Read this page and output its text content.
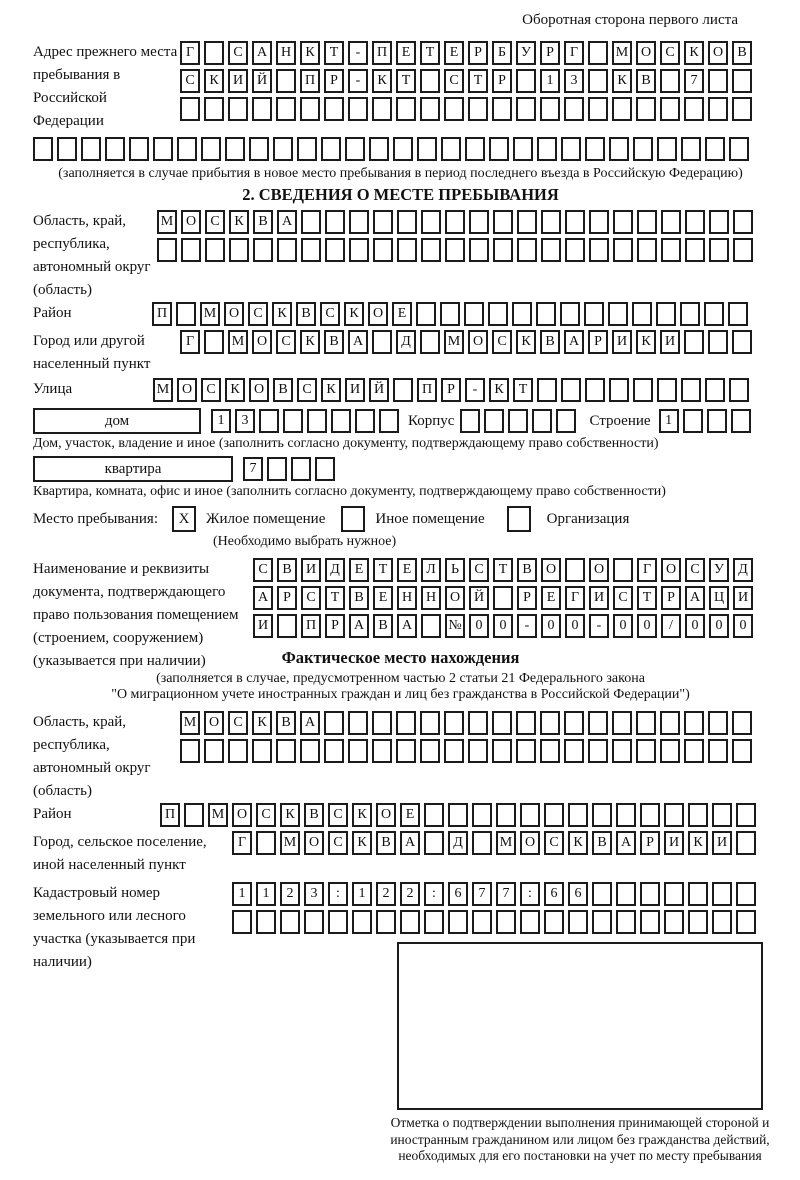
Оборотная сторона первого листа
Адрес прежнего места пребывания в Российской Федерации
Г	С	А Н	К	Т	-	П	Е	Т	Е	Р	Б	У	Р	Г	М О	С	К	О	В
С	К	И Й	П	Р	-	К	Т	С	Т	Р	1	3	К	В	7
(заполняется в случае прибытия в новое место пребывания в период последнего въезда в Российскую Федерацию)
2. СВЕДЕНИЯ О МЕСТЕ ПРЕБЫВАНИЯ
Область, край, республика, автономный округ (область)
М О	С	К	В	А
Район	П	М О	С	К	В	С	К	О	Е
Город или другой населенный пункт
Г	М О	С	К	В	А	Д	М О	С	К	В	А	Р	И	К	И
Улица	М О	С	К	О	В	С	К	И Й	П	Р	-	К	Т
дом	1	3	Корпус	Строение	1
Дом, участок, владение и иное (заполнить согласно документу, подтверждающему право собственности)
квартира	7
Квартира, комната, офис и иное (заполнить согласно документу, подтверждающему право собственности)
Место пребывания:	Х	Жилое помещение	Иное помещение	Организация
(Необходимо выбрать нужное)
Наименование и реквизиты документа, подтверждающего право пользования помещением (строением, сооружением) (указывается при наличии)
С	В	И	Д	Е	Т	Е	Л	Ь	С	Т	В	О	О	Г	О	С	У	Д
А	Р	С	Т	В	Е	Н Н О Й	Р	Е	Г	И	С	Т	Р	А Ц И
И	П	Р	А	В	А	№ 0	0	-	0	0	-	0	0	/	0	0	0
Фактическое место нахождения
(заполняется в случае, предусмотренном частью 2 статьи 21 Федерального закона
"О миграционном учете иностранных граждан и лиц без гражданства в Российской Федерации")
Область, край, республика, автономный округ (область)
М О	С	К	В	А
Район	П	М О	С	К	В	С	К	О	Е
Город, сельское поселение, иной населенный пункт
Г	М О	С	К	В	А	Д	М О	С	К	В	А	Р	И	К	И
Кадастровый номер земельного или лесного участка (указывается при наличии)
1	1	2	3	:	1	2	2	:	6	7	7	:	6	6
Отметка о подтверждении выполнения принимающей стороной и иностранным гражданином или лицом без гражданства действий, необходимых для его постановки на учет по месту пребывания
